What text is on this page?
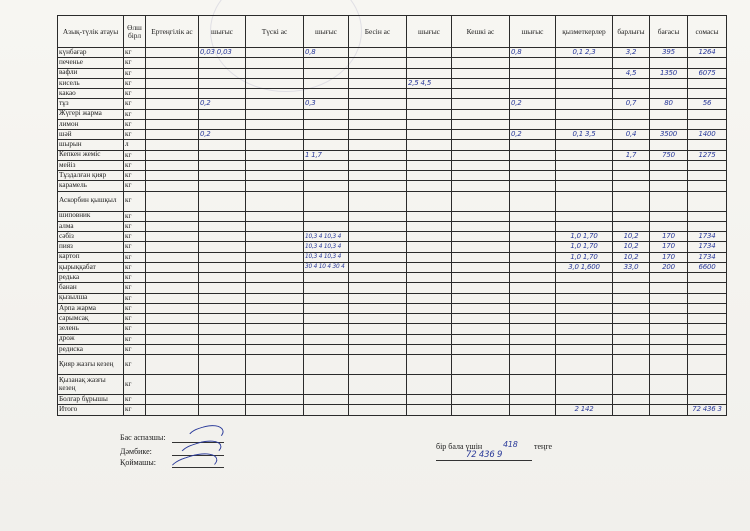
Азық-түлік атауы	Өлш бірл	Ертеңгілік ас	шығыс	Түскі ас	шығыс	Бесін ас	шығыс	Кешкі ас	шығыс	қызметкерлер	барлығы	бағасы	сомасы
күнбағар	кг		0,03 0,03		0,8				0,8	0,1 2,3	3,2	395	1264
печенье	кг												
вафли	кг										4,5	1350	6075
кисель	кг						2,5 4,5						
какао	кг												
тұз	кг		0,2		0,3				0,2		0,7	80	56
Жүгері жарма	кг												
лимон	кг												
шәй	кг		0,2						0,2	0,1 3,5	0,4	3500	1400
шырын	л												
Кепкен жеміс	кг				1 1,7						1,7	750	1275
мейіз	кг												
Тұздалған қияр	кг												
карамель	кг												
Аскорбин қышқыл	кг												
шиповник	кг												
алма	кг												
сәбіз	кг				10,3 4 10,3 4					1,0 1,70	10,2	170	1734
пияз	кг				10,3 4 10,3 4					1,0 1,70	10,2	170	1734
картоп	кг				10,3 4 10,3 4					1,0 1,70	10,2	170	1734
қырыққабат	кг				30 4 10 4 30 4					3,0 1,600	33,0	200	6600
редька	кг												
банан	кг												
қызылша	кг												
Арпа жарма	кг												
сарымсақ	кг												
зелень	кг												
дрож	кг												
редиска	кг												
Қияр жазғы кезең	кг												
Қызанақ жазғы кезең	кг												
Болгар бұрышы	кг												
Итого	кг									2 142			72 436 3
Бас аспазшы:
Дәмбике:
Қоймашы:
бір бала үшін	418 теңге
72 436 9
